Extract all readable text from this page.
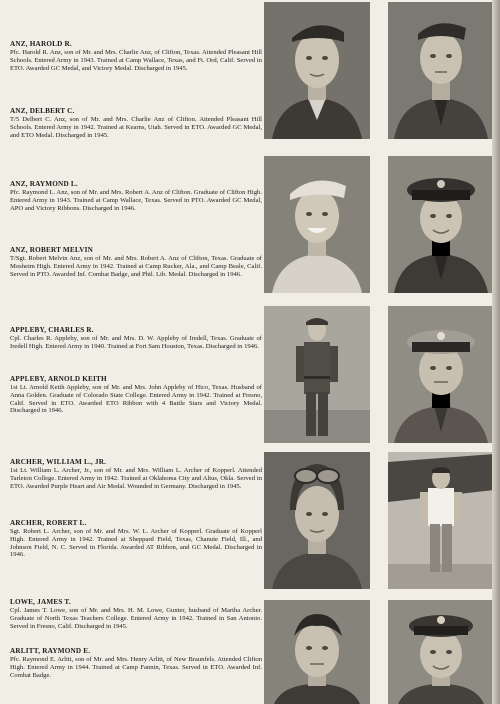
ANZ, HAROLD R.

Pfc. Harold R. Anz, son of Mr. and Mrs. Charlie Anz, of Clifton, Texas. Attended Pleasant Hill Schools. Entered Army in 1943. Trained at Camp Wallace, Texas, and Ft. Ord, Calif. Served in ETO. Awarded GC Medal, and Victory Medal. Discharged in 1945.

ANZ, DELBERT C.

T/5 Delbert C. Anz, son of Mr. and Mrs. Charlie Anz of Clifton. Attended Pleasant Hill Schools. Entered Army in 1942. Trained at Kearns, Utah. Served in ETO. Awarded GC Medal, and ETO Medal. Discharged in 1945.

ANZ, RAYMOND L.

Pfc. Raymond L. Anz, son of Mr. and Mrs. Robert A. Anz of Clifton. Graduate of Clifton High. Entered Army in 1943. Trained at Camp Wallace, Texas. Served in PTO. Awarded GC Medal, APO and Victory Ribbons. Discharged in 1946.

ANZ, ROBERT MELVIN

T/Sgt. Robert Melvin Anz, son of Mr. and Mrs. Robert A. Anz of Clifton, Texas. Graduate of Mosheim High. Entered Army in 1942. Trained at Camp Rucker, Ala., and Camp Beale, Calif. Served in PTO. Awarded Inf. Combat Badge, and Phil. Lib. Medal. Discharged in 1946.

APPLEBY, CHARLES R.

Cpl. Charles R. Appleby, son of Mr. and Mrs. D. W. Appleby of Iredell, Texas. Graduate of Iredell High. Entered Army in 1940. Trained at Fort Sam Houston, Texas. Discharged in 1946.

APPLEBY, ARNOLD KEITH

1st Lt. Arnold Keith Appleby, son of Mr. and Mrs. John Appleby of Hico, Texas. Husband of Anna Golden. Graduate of Colorado State College. Entered Army in 1942. Trained at Fresno, Calif. Served in ETO. Awarded ETO Ribbon with 4 Battle Stars and Victory Medal. Discharged in 1946.

ARCHER, WILLIAM L., JR.

1st Lt. William L. Archer, Jr., son of Mr. and Mrs. William L. Archer of Kopperl. Attended Tarleton College. Entered Army in 1942. Trained at Oklahoma City and Altus, Okla. Served in ETO. Awarded Purple Heart and Air Medal. Wounded in Germany. Discharged in 1945.

ARCHER, ROBERT L.

Sgt. Robert L. Archer, son of Mr. and Mrs. W. L. Archer of Kopperl. Graduate of Kopperl High. Entered Army in 1942. Trained at Sheppard Field, Texas, Chanute Field, Ill., and Johnson Field, N. C. Served in Florida. Awarded AT Ribbon, and GC Medal. Discharged in 1946.

LOWE, JAMES T.

Cpl. James T. Lowe, son of Mr. and Mrs. H. M. Lowe, Gunter, husband of Martha Archer. Graduate of North Texas Teachers College. Entered Army in 1942. Trained in San Antonio. Served in Fresno, Calif. Discharged in 1945.

ARLITT, RAYMOND E.

Pfc. Raymond E. Arlitt, son of Mr. and Mrs. Henry Arlitt, of New Braunfels. Attended Clifton High. Entered Army in 1944. Trained at Camp Fannin, Texas. Served in ETO. Awarded Inf. Combat Badge.
